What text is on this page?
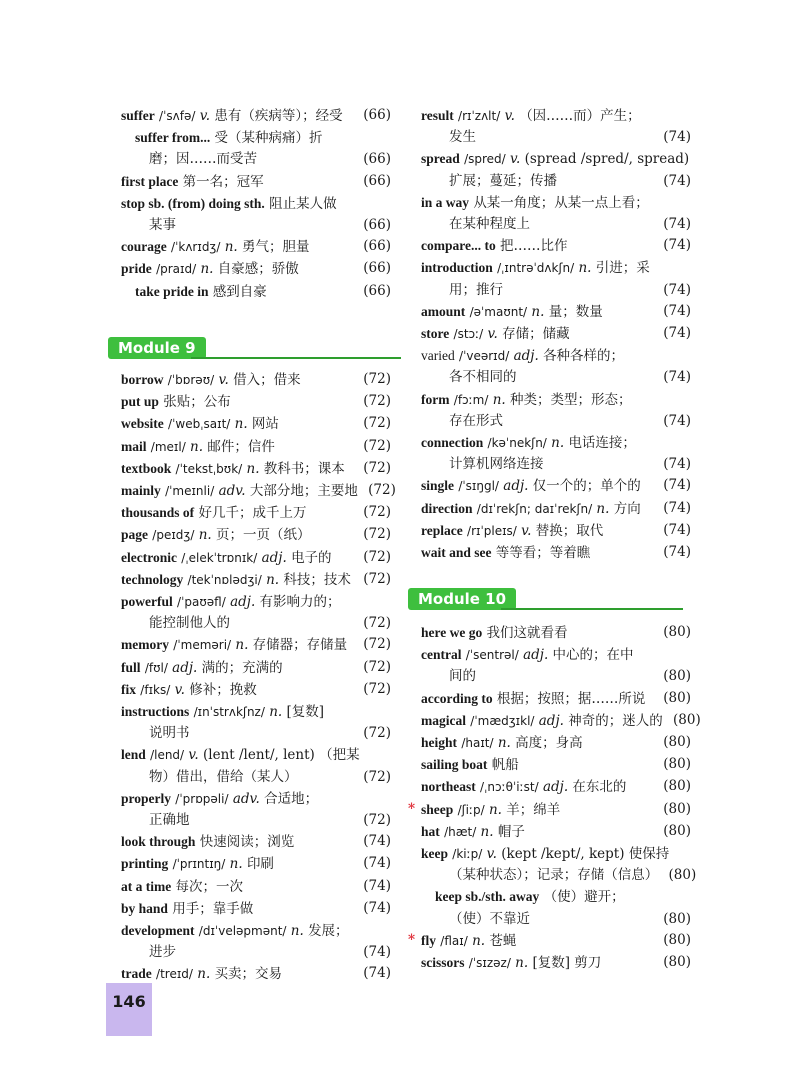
suffer /ˈsʌfə/ v. 患有（疾病等）；经受	(66)
suffer from... 受（某种病痛）折
磨；因……而受苦	(66)
first place 第一名；冠军	(66)
stop sb. (from) doing sth. 阻止某人做
某事	(66)
courage /ˈkʌrɪdʒ/ n. 勇气；胆量	(66)
pride /praɪd/ n. 自豪感；骄傲	(66)
take pride in 感到自豪	(66)
Module 9
borrow /ˈbɒrəʊ/ v. 借入；借来	(72)
put up 张贴；公布	(72)
website /ˈwebˌsaɪt/ n. 网站	(72)
mail /meɪl/ n. 邮件；信件	(72)
textbook /ˈtekstˌbʊk/ n. 教科书；课本	(72)
mainly /ˈmeɪnli/ adv. 大部分地；主要地 (72)
thousands of 好几千；成千上万	(72)
page /peɪdʒ/ n. 页；一页（纸）	(72)
electronic /ˌelekˈtrɒnɪk/ adj. 电子的	(72)
technology /tekˈnɒlədʒi/ n. 科技；技术 (72)
powerful /ˈpaʊəfl/ adj. 有影响力的；
能控制他人的	(72)
memory /ˈmeməri/ n. 存储器；存储量	(72)
full /fʊl/ adj. 满的；充满的	(72)
fix /fɪks/ v. 修补；挽救	(72)
instructions /ɪnˈstrʌkʃnz/ n. [复数]
说明书	(72)
lend /lend/ v. (lent /lent/, lent) （把某
物）借出，借给（某人）	(72)
properly /ˈprɒpəli/ adv. 合适地；
正确地	(72)
look through 快速阅读；浏览	(74)
printing /ˈprɪntɪŋ/ n. 印刷	(74)
at a time 每次；一次	(74)
by hand 用手；靠手做	(74)
development /dɪˈveləpmənt/ n. 发展；
进步	(74)
trade /treɪd/ n. 买卖；交易	(74)
result /rɪˈzʌlt/ v. （因……而）产生；
发生	(74)
spread /spred/ v. (spread /spred/, spread)
扩展；蔓延；传播	(74)
in a way 从某一角度；从某一点上看；
在某种程度上	(74)
compare... to 把……比作	(74)
introduction /ˌɪntrəˈdʌkʃn/ n. 引进；采
用；推行	(74)
amount /əˈmaʊnt/ n. 量；数量	(74)
store /stɔː/ v. 存储；储藏	(74)
varied /ˈveərɪd/ adj. 各种各样的；
各不相同的	(74)
form /fɔːm/ n. 种类；类型；形态；
存在形式	(74)
connection /kəˈnekʃn/ n. 电话连接；
计算机网络连接	(74)
single /ˈsɪŋgl/ adj. 仅一个的；单个的	(74)
direction /dɪˈrekʃn; daɪˈrekʃn/ n. 方向	(74)
replace /rɪˈpleɪs/ v. 替换；取代	(74)
wait and see 等等看；等着瞧	(74)
Module 10
here we go 我们这就看看	(80)
central /ˈsentrəl/ adj. 中心的；在中
间的	(80)
according to 根据；按照；据……所说	(80)
magical /ˈmædʒɪkl/ adj. 神奇的；迷人的 (80)
height /haɪt/ n. 高度；身高	(80)
sailing boat 帆船	(80)
northeast /ˌnɔːθˈiːst/ adj. 在东北的	(80)
* sheep /ʃiːp/ n. 羊；绵羊	(80)
hat /hæt/ n. 帽子	(80)
keep /kiːp/ v. (kept /kept/, kept) 使保持
（某种状态）；记录；存储（信息） (80)
keep sb./sth. away （使）避开；
（使）不靠近	(80)
* fly /flaɪ/ n. 苍蝇	(80)
scissors /ˈsɪzəz/ n. [复数] 剪刀	(80)
146
